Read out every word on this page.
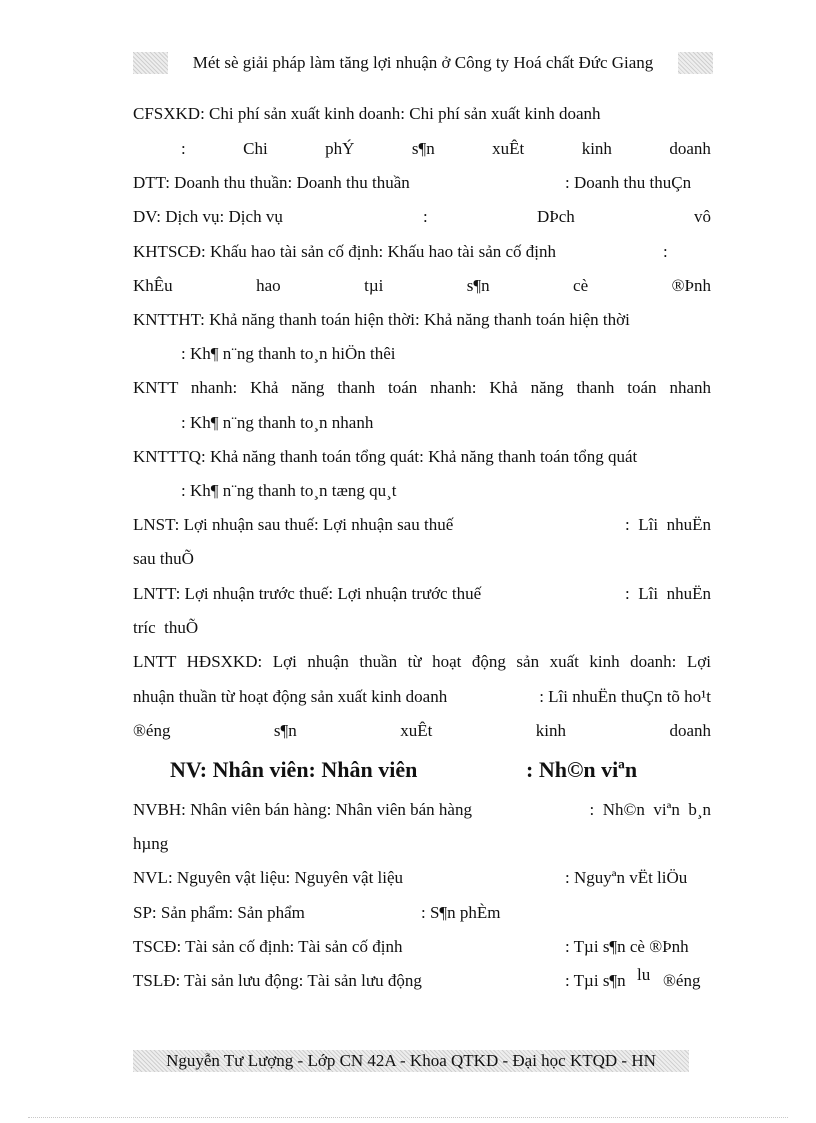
Mét sè giải pháp làm tăng lợi nhuận ở Công ty Hoá chất Đức Giang
CFSXKD: Chi phí sản xuất kinh doanh: Chi phí sản xuất kinh doanh
:	Chi	phÝ	s¶n	xuÊt	kinh	doanh
DTT: Doanh thu thuần: Doanh thu thuần	: Doanh thu thuÇn
DV: Dịch vụ: Dịch vụ	:	DÞch	vô
KHTSCĐ: Khấu hao tài sản cố định: Khấu hao tài sản cố định	:
KhÊu	hao	tµi	s¶n	cè	®Þnh
KNTTHT: Khả năng thanh toán hiện thời: Khả năng thanh toán hiện thời
: Kh¶ n¨ng thanh to¸n hiÖn thêi
KNTT nhanh: Khả năng thanh toán nhanh: Khả năng thanh toán nhanh
: Kh¶ n¨ng thanh to¸n nhanh
KNTTTQ: Khả năng thanh toán tổng quát: Khả năng thanh toán tổng quát
: Kh¶ n¨ng thanh to¸n tæng qu¸t
LNST: Lợi nhuận sau thuế: Lợi nhuận sau thuế	:  Lîi  nhuËn
sau thuÕ
LNTT: Lợi nhuận trước thuế: Lợi nhuận trước thuế	:  Lîi  nhuËn
tríc  thuÕ
LNTT HĐSXKD: Lợi nhuận thuần từ hoạt động sản xuất kinh doanh: Lợi
nhuận thuần từ hoạt động sản xuất kinh doanh	: Lîi nhuËn thuÇn tõ ho¹t
®éng	s¶n	xuÊt	kinh	doanh
NV: Nhân viên: Nhân viên	: Nh©n viªn
NVBH: Nhân viên bán hàng: Nhân viên bán hàng	:  Nh©n  viªn  b¸n
hµng
NVL: Nguyên vật liệu: Nguyên vật liệu	: Nguyªn vËt liÖu
SP: Sản phẩm: Sản phẩm	: S¶n phÈm
TSCĐ: Tài sản cố định: Tài sản cố định	: Tµi s¶n cè ®Þnh
TSLĐ: Tài sản lưu động: Tài sản lưu động	: Tµi s¶n lu ®éng
Nguyễn Tư Lượng - Lớp CN 42A - Khoa QTKD - Đại học KTQD - HN
